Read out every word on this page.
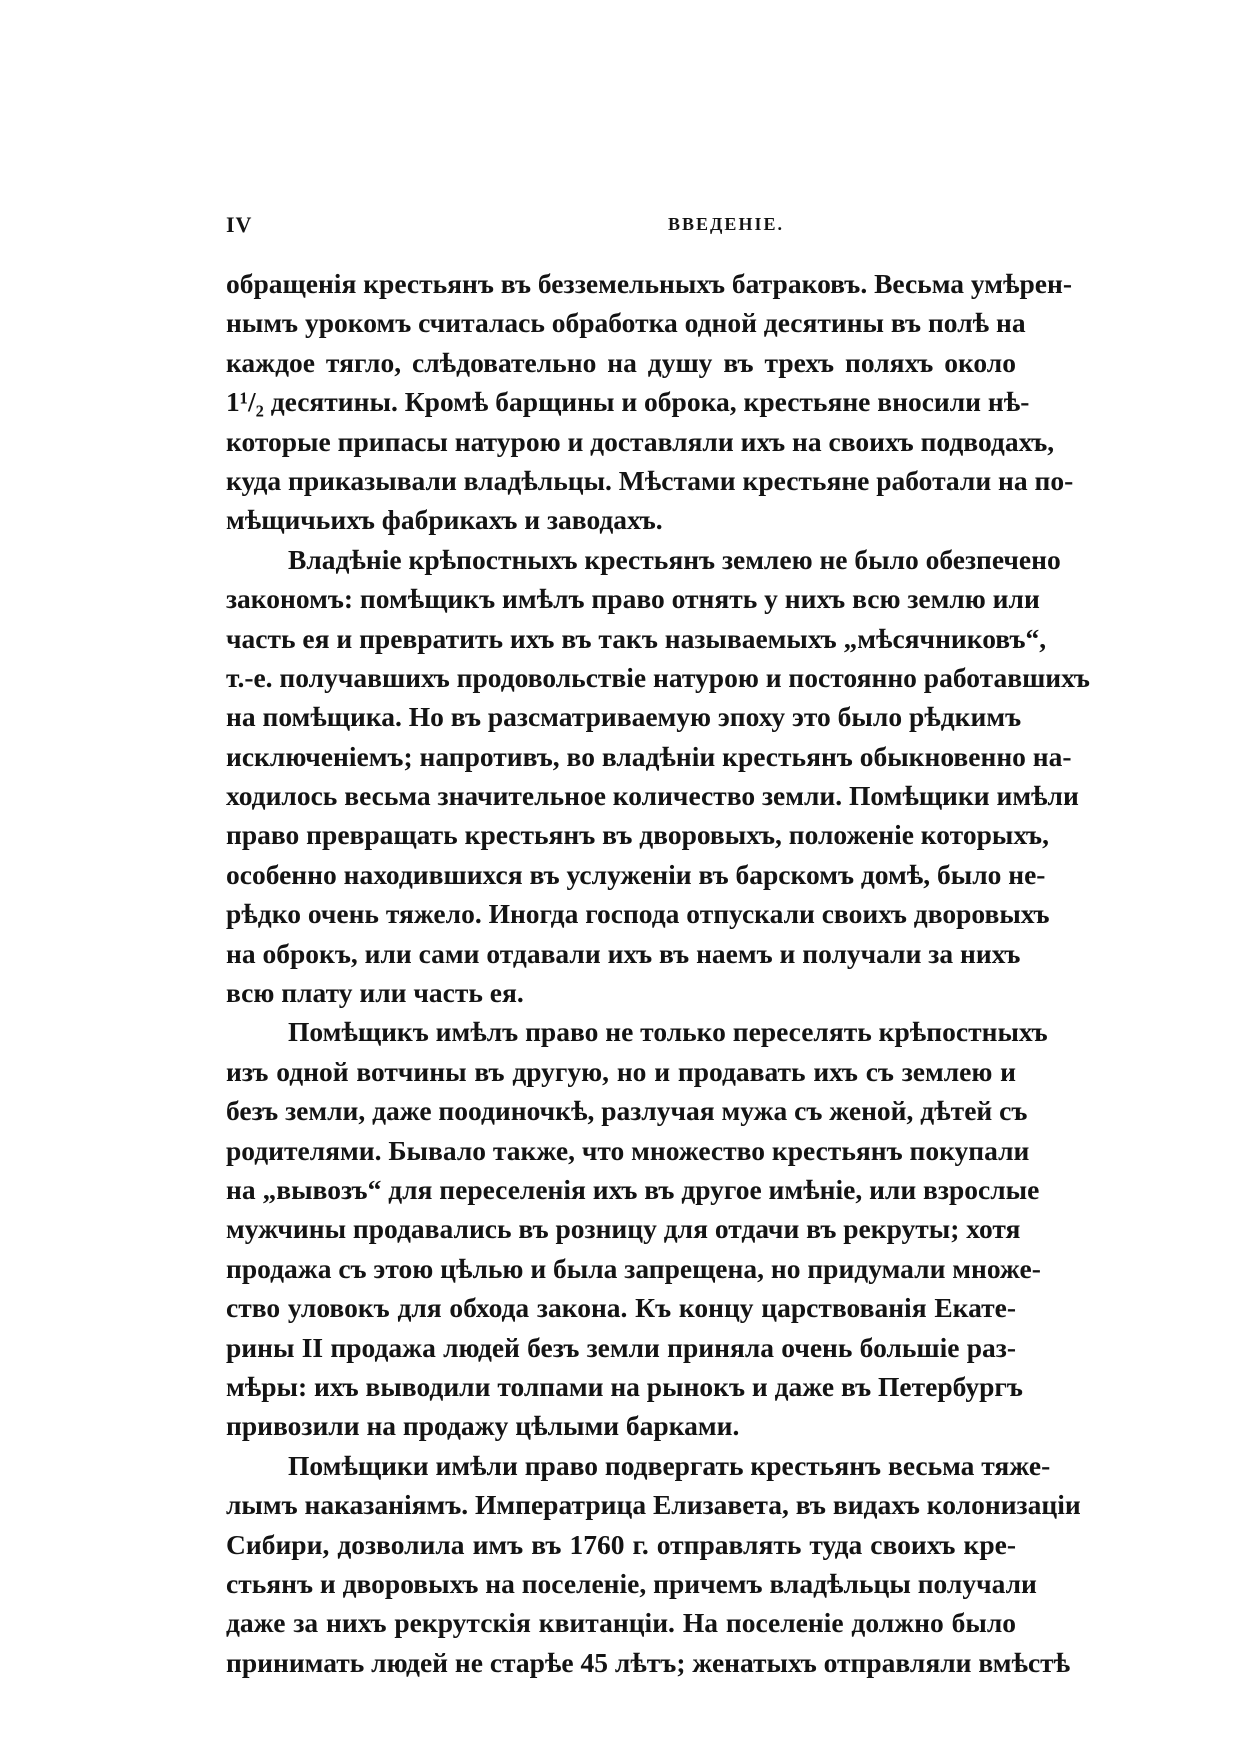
IV	ВВЕДЕНІЕ.
обращенія крестьянъ въ безземельныхъ батраковъ. Весьма умѣрен-
нымъ урокомъ считалась обработка одной десятины въ полѣ на
каждое тягло, слѣдовательно на душу въ трехъ поляхъ около
1¹/₂ десятины. Кромѣ барщины и оброка, крестьяне вносили нѣ-
которые припасы натурою и доставляли ихъ на своихъ подводахъ,
куда приказывали владѣльцы. Мѣстами крестьяне работали на по-
мѣщичьихъ фабрикахъ и заводахъ.
Владѣніе крѣпостныхъ крестьянъ землею не было обезпечено
закономъ: помѣщикъ имѣлъ право отнять у нихъ всю землю или
часть ея и превратить ихъ въ такъ называемыхъ „мѣсячниковъ“,
т.-е. получавшихъ продовольствіе натурою и постоянно работавшихъ
на помѣщика. Но въ разсматриваемую эпоху это было рѣдкимъ
исключеніемъ; напротивъ, во владѣніи крестьянъ обыкновенно на-
ходилось весьма значительное количество земли. Помѣщики имѣли
право превращать крестьянъ въ дворовыхъ, положеніе которыхъ,
особенно находившихся въ услуженіи въ барскомъ домѣ, было не-
рѣдко очень тяжело. Иногда господа отпускали своихъ дворовыхъ
на оброкъ, или сами отдавали ихъ въ наемъ и получали за нихъ
всю плату или часть ея.
Помѣщикъ имѣлъ право не только переселять крѣпостныхъ
изъ одной вотчины въ другую, но и продавать ихъ съ землею и
безъ земли, даже поодиночкѣ, разлучая мужа съ женой, дѣтей съ
родителями. Бывало также, что множество крестьянъ покупали
на „вывозъ“ для переселенія ихъ въ другое имѣніе, или взрослые
мужчины продавались въ розницу для отдачи въ рекруты; хотя
продажа съ этою цѣлью и была запрещена, но придумали множе-
ство уловокъ для обхода закона. Къ концу царствованія Екате-
рины II продажа людей безъ земли приняла очень большіе раз-
мѣры: ихъ выводили толпами на рынокъ и даже въ Петербургъ
привозили на продажу цѣлыми барками.
Помѣщики имѣли право подвергать крестьянъ весьма тяже-
лымъ наказаніямъ. Императрица Елизавета, въ видахъ колонизаціи
Сибири, дозволила имъ въ 1760 г. отправлять туда своихъ кре-
стьянъ и дворовыхъ на поселеніе, причемъ владѣльцы получали
даже за нихъ рекрутскія квитанціи. На поселеніе должно было
принимать людей не старѣе 45 лѣтъ; женатыхъ отправляли вмѣстѣ
